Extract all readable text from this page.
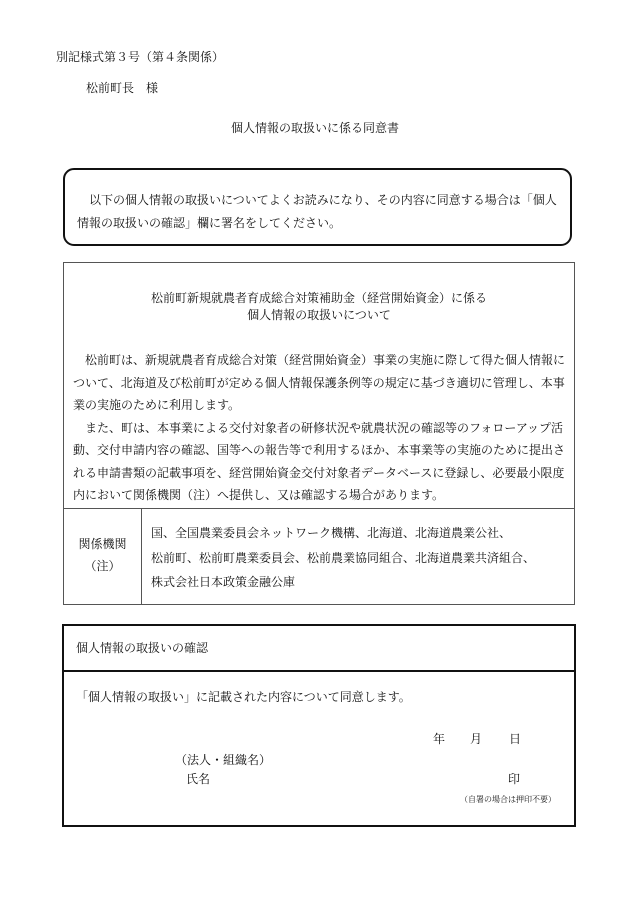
別記様式第３号（第４条関係）
松前町長　様
個人情報の取扱いに係る同意書
　以下の個人情報の取扱いについてよくお読みになり、その内容に同意する場合は「個人情報の取扱いの確認」欄に署名をしてください。
松前町新規就農者育成総合対策補助金（経営開始資金）に係る
個人情報の取扱いについて

　松前町は、新規就農者育成総合対策（経営開始資金）事業の実施に際して得た個人情報について、北海道及び松前町が定める個人情報保護条例等の規定に基づき適切に管理し、本事業の実施のために利用します。

　また、町は、本事業による交付対象者の研修状況や就農状況の確認等のフォローアップ活動、交付申請内容の確認、国等への報告等で利用するほか、本事業等の実施のために提出される申請書類の記載事項を、経営開始資金交付対象者データベースに登録し、必要最小限度内において関係機関（注）へ提供し、又は確認する場合があります。

関係機関
（注）
国、全国農業委員会ネットワーク機構、北海道、北海道農業公社、
松前町、松前町農業委員会、松前農業協同組合、北海道農業共済組合、
株式会社日本政策金融公庫
個人情報の取扱いの確認
「個人情報の取扱い」に記載された内容について同意します。
年 月 日
（法人・組織名）
氏名	印
（自署の場合は押印不要）
